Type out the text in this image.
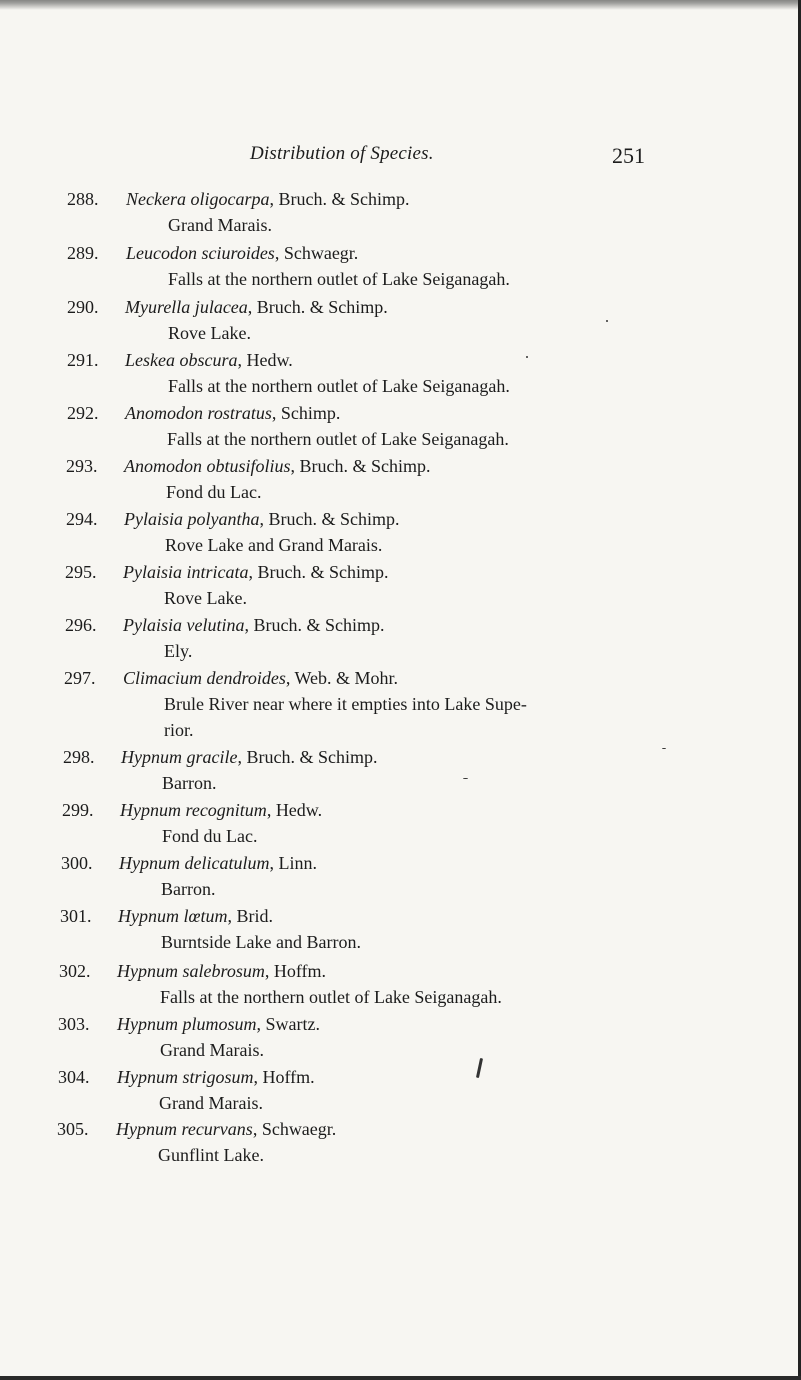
Distribution of Species.	251
288. Neckera oligocarpa, Bruch. & Schimp.
Grand Marais.
289. Leucodon sciuroides, Schwaegr.
Falls at the northern outlet of Lake Seiganagah.
290. Myurella julacea, Bruch. & Schimp.
Rove Lake.
291. Leskea obscura, Hedw.
Falls at the northern outlet of Lake Seiganagah.
292. Anomodon rostratus, Schimp.
Falls at the northern outlet of Lake Seiganagah.
293. Anomodon obtusifolius, Bruch. & Schimp.
Fond du Lac.
294. Pylaisia polyantha, Bruch. & Schimp.
Rove Lake and Grand Marais.
295. Pylaisia intricata, Bruch. & Schimp.
Rove Lake.
296. Pylaisia velutina, Bruch. & Schimp.
Ely.
297. Climacium dendroides, Web. & Mohr.
Brule River near where it empties into Lake Supe-
rior.
298. Hypnum gracile, Bruch. & Schimp.
Barron.
299. Hypnum recognitum, Hedw.
Fond du Lac.
300. Hypnum delicatulum, Linn.
Barron.
301. Hypnum lœtum, Brid.
Burntside Lake and Barron.
302. Hypnum salebrosum, Hoffm.
Falls at the northern outlet of Lake Seiganagah.
303. Hypnum plumosum, Swartz.
Grand Marais.
304. Hypnum strigosum, Hoffm.
Grand Marais.
305. Hypnum recurvans, Schwaegr.
Gunflint Lake.
